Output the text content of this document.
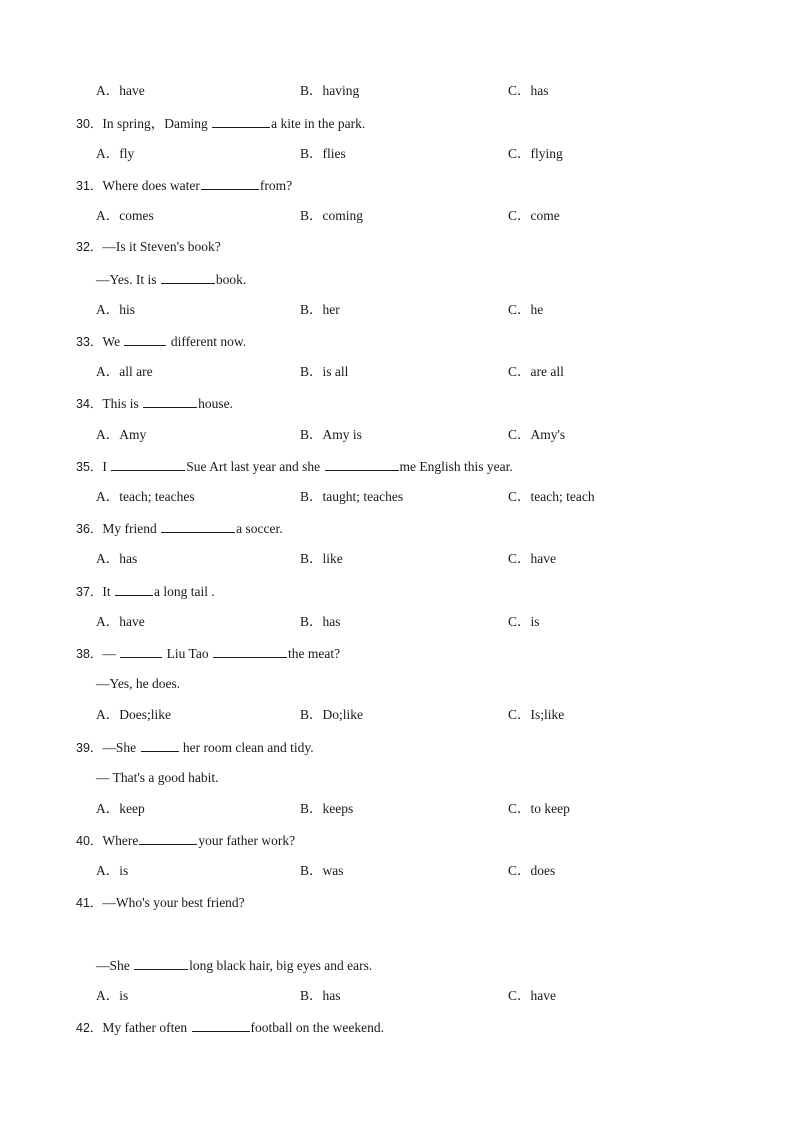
A．have	B．having	C．has
30．In spring，Daming	a kite in the park.
A．fly	B．flies	C．flying
31．Where does water	from?
A．comes	B．coming	C．come
32．—Is it Steven's book?
—Yes. It is	book.
A．his	B．her	C．he
33．We	different now.
A．all are	B．is all	C．are all
34．This is	house.
A．Amy	B．Amy is	C．Amy's
35．I	Sue Art last year and she	me English this year.
A．teach; teaches	B．taught; teaches	C．teach; teach
36．My friend	a soccer.
A．has	B．like	C．have
37．It	a long tail .
A．have	B．has	C．is
38．—	Liu Tao	the meat?
—Yes, he does.
A．Does;like	B．Do;like	C．Is;like
39．—She	her room clean and tidy.
— That's a good habit.
A．keep	B．keeps	C．to keep
40．Where	your father work?
A．is	B．was	C．does
41．—Who's your best friend?
—She	long black hair, big eyes and ears.
A．is	B．has	C．have
42．My father often	football on the weekend.
